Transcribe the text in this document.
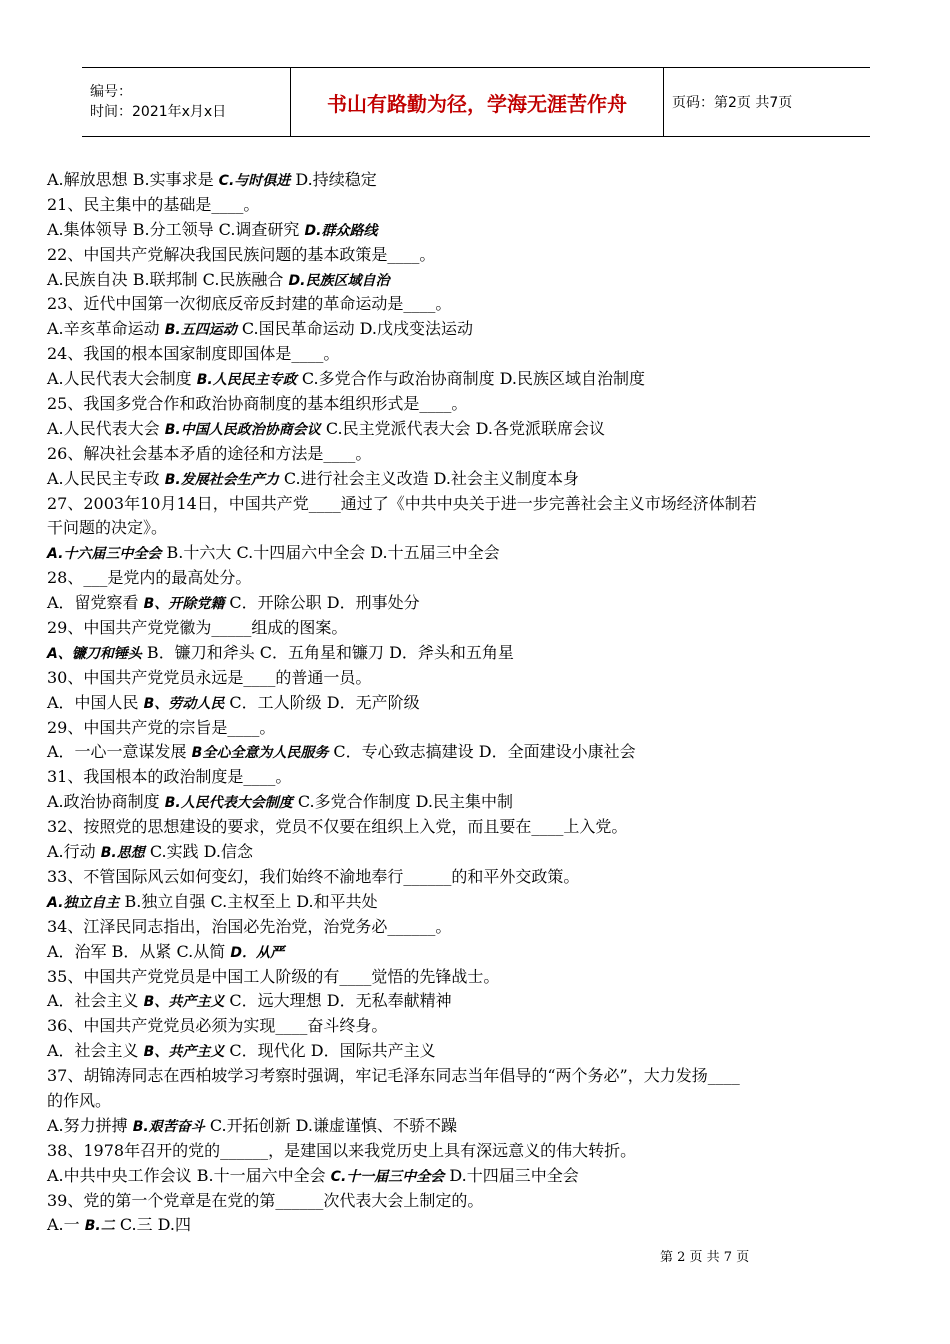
编号：
时间：2021年x月x日	书山有路勤为径，学海无涯苦作舟	页码：第2页 共7页
A.解放思想 B.实事求是 C.与时俱进 D.持续稳定
21、民主集中的基础是____。
A.集体领导 B.分工领导 C.调查研究 D.群众路线
22、中国共产党解决我国民族问题的基本政策是____。
A.民族自决 B.联邦制 C.民族融合 D.民族区域自治
23、近代中国第一次彻底反帝反封建的革命运动是____。
A.辛亥革命运动 B.五四运动 C.国民革命运动 D.戊戌变法运动
24、我国的根本国家制度即国体是____。
A.人民代表大会制度 B.人民民主专政 C.多党合作与政治协商制度 D.民族区域自治制度
25、我国多党合作和政治协商制度的基本组织形式是____。
A.人民代表大会 B.中国人民政治协商会议 C.民主党派代表大会 D.各党派联席会议
26、解决社会基本矛盾的途径和方法是____。
A.人民民主专政 B.发展社会生产力 C.进行社会主义改造 D.社会主义制度本身
27、2003年10月14日，中国共产党____通过了《中共中央关于进一步完善社会主义市场经济体制若
干问题的决定》。
A.十六届三中全会 B.十六大 C.十四届六中全会 D.十五届三中全会
28、___是党内的最高处分。
A．留党察看 B、开除党籍 C．开除公职 D．刑事处分
29、中国共产党党徽为_____组成的图案。
A、镰刀和锤头 B．镰刀和斧头 C．五角星和镰刀 D．斧头和五角星
30、中国共产党党员永远是____的普通一员。
A．中国人民 B、劳动人民 C．工人阶级 D．无产阶级
29、中国共产党的宗旨是____。
A．一心一意谋发展 B全心全意为人民服务 C．专心致志搞建设 D．全面建设小康社会
31、我国根本的政治制度是____。
A.政治协商制度 B.人民代表大会制度 C.多党合作制度 D.民主集中制
32、按照党的思想建设的要求，党员不仅要在组织上入党，而且要在____上入党。
A.行动 B.思想 C.实践 D.信念
33、不管国际风云如何变幻，我们始终不渝地奉行______的和平外交政策。
A.独立自主 B.独立自强 C.主权至上 D.和平共处
34、江泽民同志指出，治国必先治党，治党务必______。
A．治军 B．从紧 C.从简 D．从严
35、中国共产党党员是中国工人阶级的有____觉悟的先锋战士。
A．社会主义 B、共产主义 C．远大理想 D．无私奉献精神
36、中国共产党党员必须为实现____奋斗终身。
A．社会主义 B、共产主义 C．现代化 D．国际共产主义
37、胡锦涛同志在西柏坡学习考察时强调，牢记毛泽东同志当年倡导的“两个务必”，大力发扬____
的作风。
A.努力拼搏 B.艰苦奋斗 C.开拓创新 D.谦虚谨慎、不骄不躁
38、1978年召开的党的______，是建国以来我党历史上具有深远意义的伟大转折。
A.中共中央工作会议 B.十一届六中全会 C.十一届三中全会 D.十四届三中全会
39、党的第一个党章是在党的第______次代表大会上制定的。
A.一 B.二 C.三 D.四
第 2 页 共 7 页
